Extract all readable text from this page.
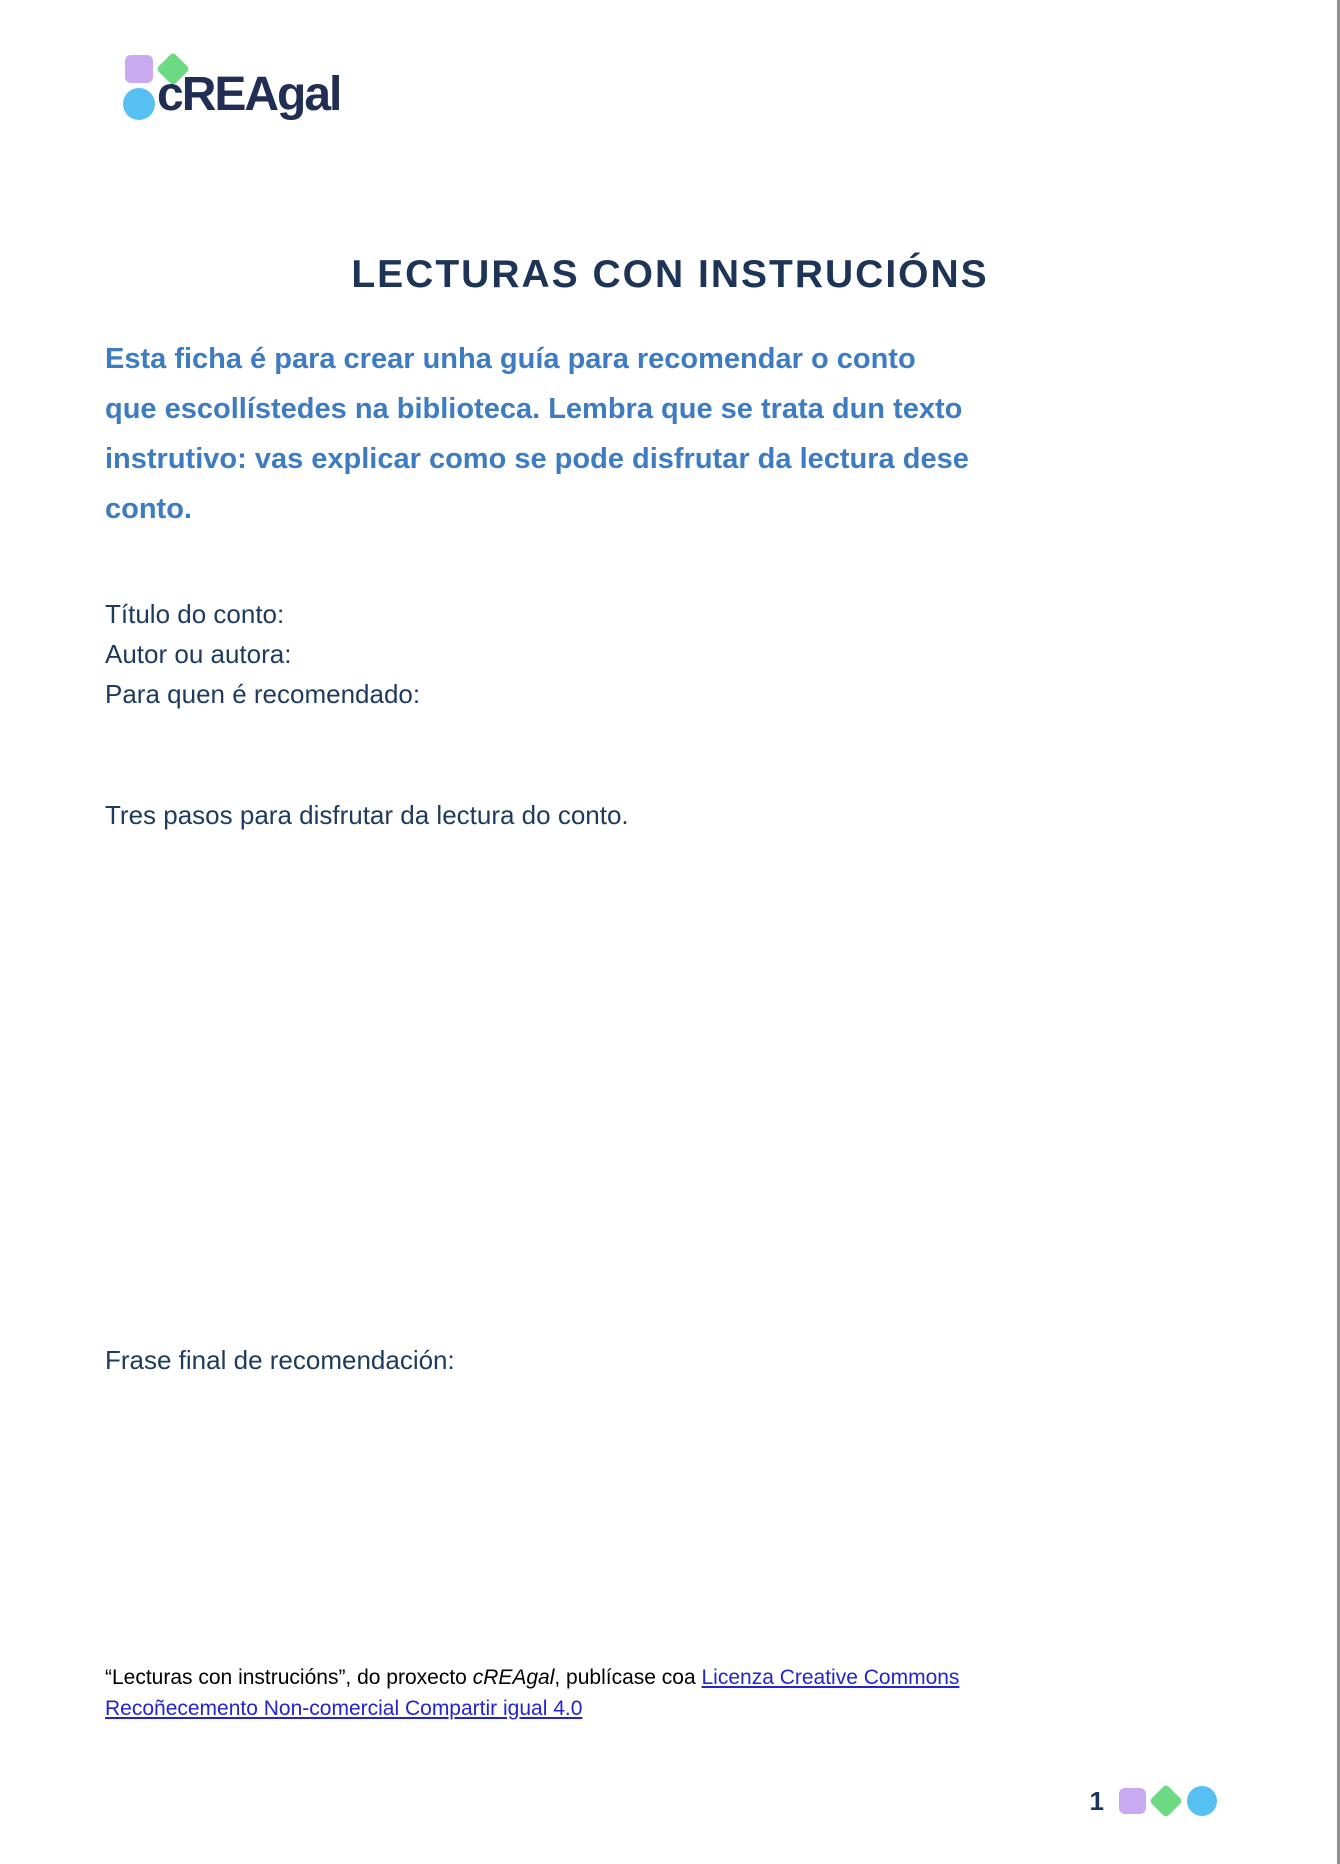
cREAgal
LECTURAS CON INSTRUCIÓNS
Esta ficha é para crear unha guía para recomendar o conto
que escollístedes na biblioteca. Lembra que se trata dun texto
instrutivo: vas explicar como se pode disfrutar da lectura dese
conto.
Título do conto:
Autor ou autora:
Para quen é recomendado:
Tres pasos para disfrutar da lectura do conto.
Frase final de recomendación:
“Lecturas con instrucións”, do proxecto cREAgal, publícase coa Licenza Creative Commons Recoñecemento Non-comercial Compartir igual 4.0
1
